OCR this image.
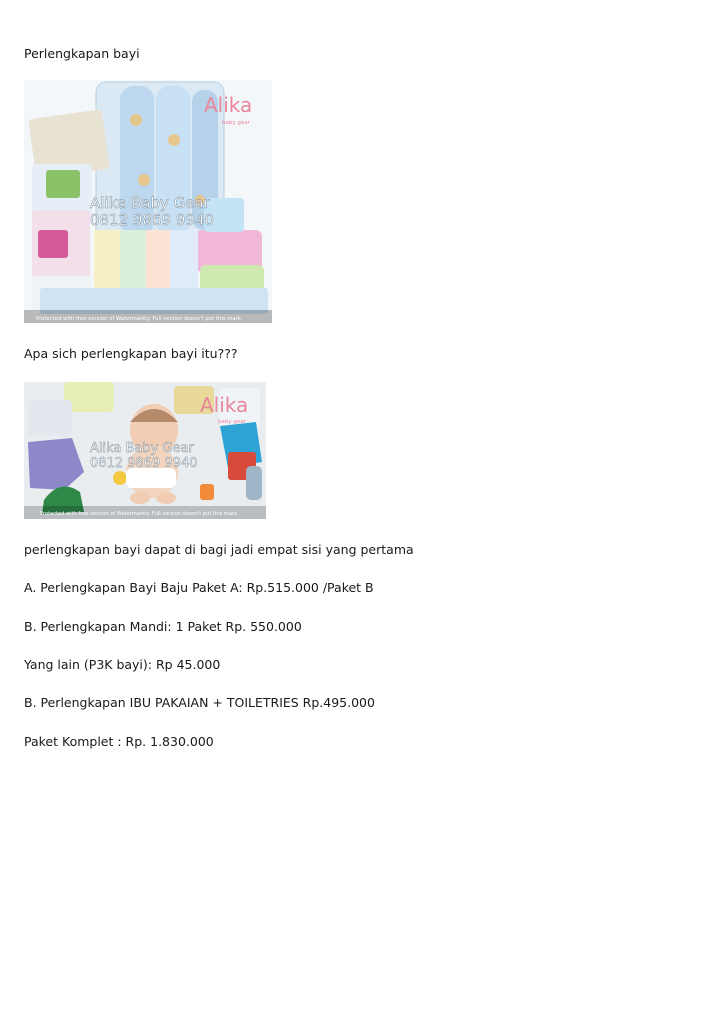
Perlengkapan bayi

Alika
baby gear
Alika Baby Gear
0812 9869 9940
Protected with free version of Watermarkly. Full version doesn't put this mark.

Apa sich perlengkapan bayi itu???

Alika
baby gear
Alika Baby Gear
0812 9869 9940
Protected with free version of Watermarkly. Full version doesn't put this mark.

perlengkapan bayi dapat di bagi jadi empat sisi yang pertama

A. Perlengkapan Bayi Baju Paket A: Rp.515.000 /Paket B

B. Perlengkapan Mandi: 1 Paket Rp. 550.000

Yang lain (P3K bayi): Rp 45.000

B. Perlengkapan IBU PAKAIAN + TOILETRIES Rp.495.000

Paket Komplet : Rp. 1.830.000
